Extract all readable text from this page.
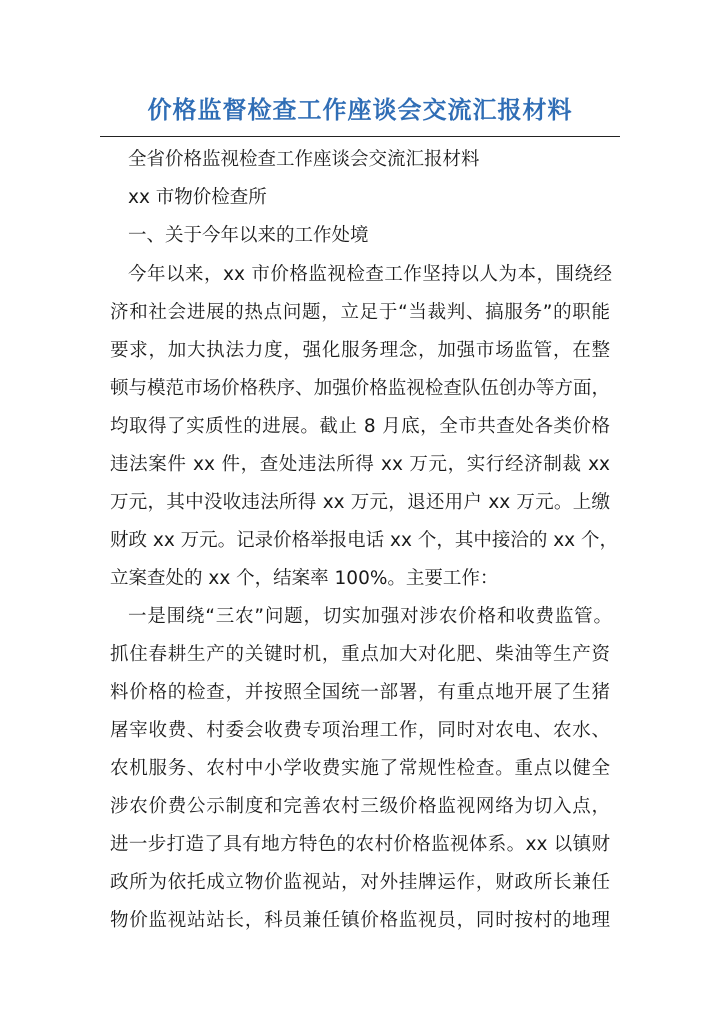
价格监督检查工作座谈会交流汇报材料

全省价格监视检查工作座谈会交流汇报材料

xx 市物价检查所

一、关于今年以来的工作处境

今年以来，xx 市价格监视检查工作坚持以人为本，围绕经

济和社会进展的热点问题，立足于“当裁判、搞服务”的职能

要求，加大执法力度，强化服务理念，加强市场监管，在整

顿与模范市场价格秩序、加强价格监视检查队伍创办等方面，

均取得了实质性的进展。截止 8 月底，全市共查处各类价格

违法案件 xx 件，查处违法所得 xx 万元，实行经济制裁 xx

万元，其中没收违法所得 xx 万元，退还用户 xx 万元。上缴

财政 xx 万元。记录价格举报电话 xx 个，其中接洽的 xx 个，

立案查处的 xx 个，结案率 100%。主要工作：

一是围绕“三农”问题，切实加强对涉农价格和收费监管。

抓住春耕生产的关键时机，重点加大对化肥、柴油等生产资

料价格的检查，并按照全国统一部署，有重点地开展了生猪

屠宰收费、村委会收费专项治理工作，同时对农电、农水、

农机服务、农村中小学收费实施了常规性检查。重点以健全

涉农价费公示制度和完善农村三级价格监视网络为切入点，

进一步打造了具有地方特色的农村价格监视体系。xx 以镇财

政所为依托成立物价监视站，对外挂牌运作，财政所长兼任

物价监视站站长，科员兼任镇价格监视员，同时按村的地理
